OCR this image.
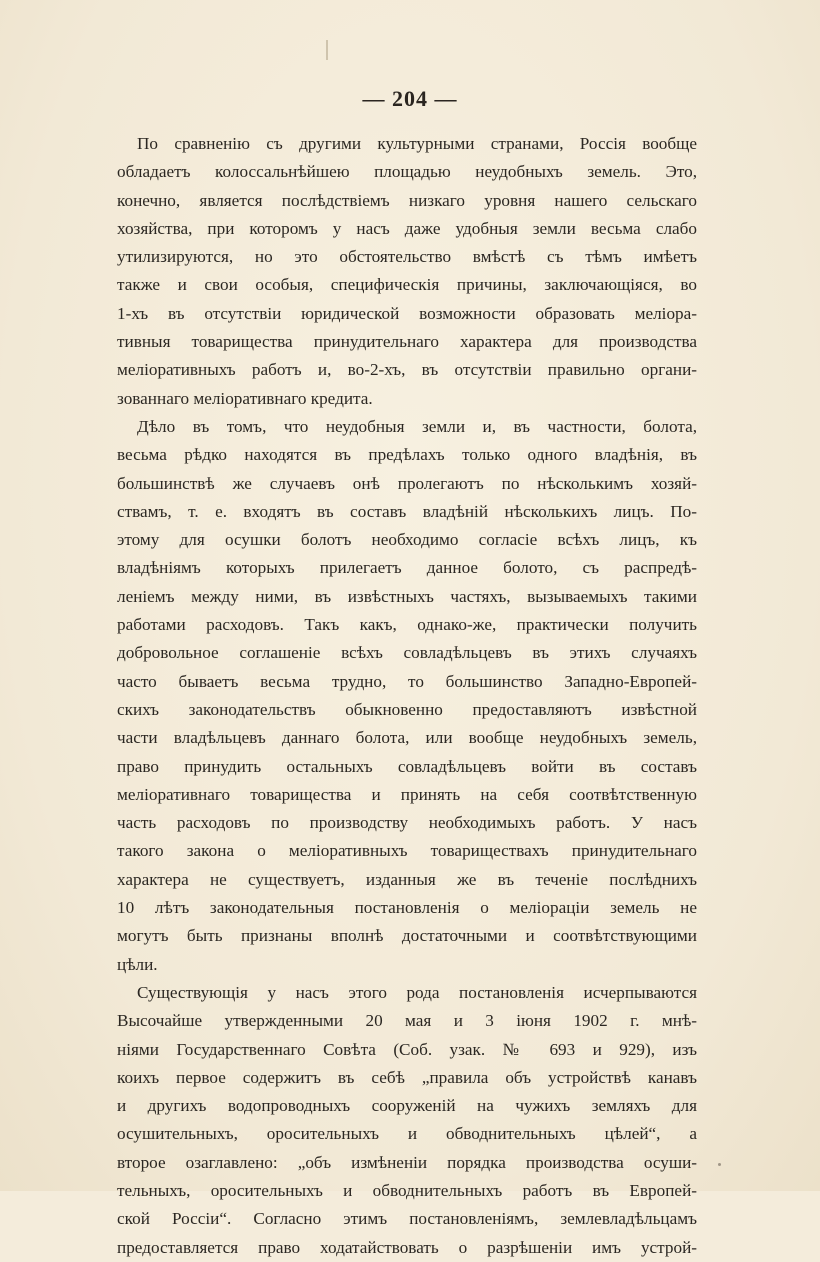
— 204 —
По сравненію съ другими культурными странами, Россія вообще
обладаетъ колоссальнѣйшею площадью неудобныхъ земель. Это,
конечно, является послѣдствіемъ низкаго уровня нашего сельскаго
хозяйства, при которомъ у насъ даже удобныя земли весьма слабо
утилизируются, но это обстоятельство вмѣстѣ съ тѣмъ имѣетъ
также и свои особыя, специфическія причины, заключающіяся, во
1-хъ въ отсутствіи юридической возможности образовать меліора-
тивныя товарищества принудительнаго характера для производства
меліоративныхъ работъ и, во-2-хъ, въ отсутствіи правильно органи-
зованнаго меліоративнаго кредита.
Дѣло въ томъ, что неудобныя земли и, въ частности, болота,
весьма рѣдко находятся въ предѣлахъ только одного владѣнія, въ
большинствѣ же случаевъ онѣ пролегаютъ по нѣсколькимъ хозяй-
ствамъ, т. е. входятъ въ составъ владѣній нѣсколькихъ лицъ. По-
этому для осушки болотъ необходимо согласіе всѣхъ лицъ, къ
владѣніямъ которыхъ прилегаетъ данное болото, съ распредѣ-
леніемъ между ними, въ извѣстныхъ частяхъ, вызываемыхъ такими
работами расходовъ. Такъ какъ, однако-же, практически получить
добровольное соглашеніе всѣхъ совладѣльцевъ въ этихъ случаяхъ
часто бываетъ весьма трудно, то большинство Западно-Европей-
скихъ законодательствъ обыкновенно предоставляютъ извѣстной
части владѣльцевъ даннаго болота, или вообще неудобныхъ земель,
право принудить остальныхъ совладѣльцевъ войти въ составъ
меліоративнаго товарищества и принять на себя соотвѣтственную
часть расходовъ по производству необходимыхъ работъ. У насъ
такого закона о меліоративныхъ товариществахъ принудительнаго
характера не существуетъ, изданныя же въ теченіе послѣднихъ
10 лѣтъ законодательныя постановленія о меліораціи земель не
могутъ быть признаны вполнѣ достаточными и соотвѣтствующими
цѣли.
Существующія у насъ этого рода постановленія исчерпываются
Высочайше утвержденными 20 мая и 3 іюня 1902 г. мнѣ-
ніями Государственнаго Совѣта (Соб. узак. № 693 и 929), изъ
коихъ первое содержитъ въ себѣ „правила объ устройствѣ канавъ
и другихъ водопроводныхъ сооруженій на чужихъ земляхъ для
осушительныхъ, оросительныхъ и обводнительныхъ цѣлей“, а
второе озаглавлено: „объ измѣненіи порядка производства осуши-
тельныхъ, оросительныхъ и обводнительныхъ работъ въ Европей-
ской Россіи“. Согласно этимъ постановленіямъ, землевладѣльцамъ
предоставляется право ходатайствовать о разрѣшеніи имъ устрой-
